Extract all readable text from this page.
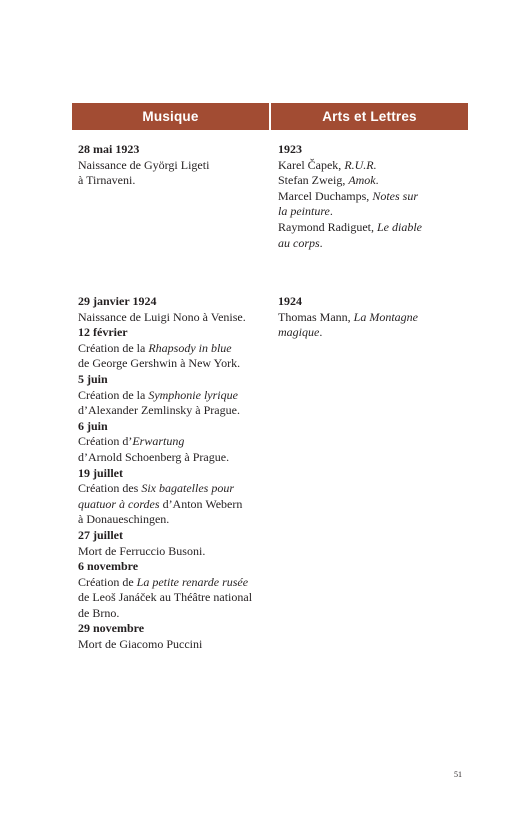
Musique	Arts et Lettres

28 mai 1923

Naissance de Györgi Ligeti

à Tirnaveni.

1923

Karel Čapek, R.U.R.

Stefan Zweig, Amok.

Marcel Duchamps, Notes sur

la peinture.

Raymond Radiguet, Le diable

au corps.

29 janvier 1924

Naissance de Luigi Nono à Venise.

12 février

Création de la Rhapsody in blue

de George Gershwin à New York.

5 juin

Création de la Symphonie lyrique

d’Alexander Zemlinsky à Prague.

6 juin

Création d’Erwartung

d’Arnold Schoenberg à Prague.

19 juillet

Création des Six bagatelles pour

quatuor à cordes d’Anton Webern

à Donaueschingen.

27 juillet

Mort de Ferruccio Busoni.

6 novembre

Création de La petite renarde rusée

de Leoš Janáček au Théâtre national

de Brno.

29 novembre

Mort de Giacomo Puccini

1924

Thomas Mann, La Montagne

magique.

51
